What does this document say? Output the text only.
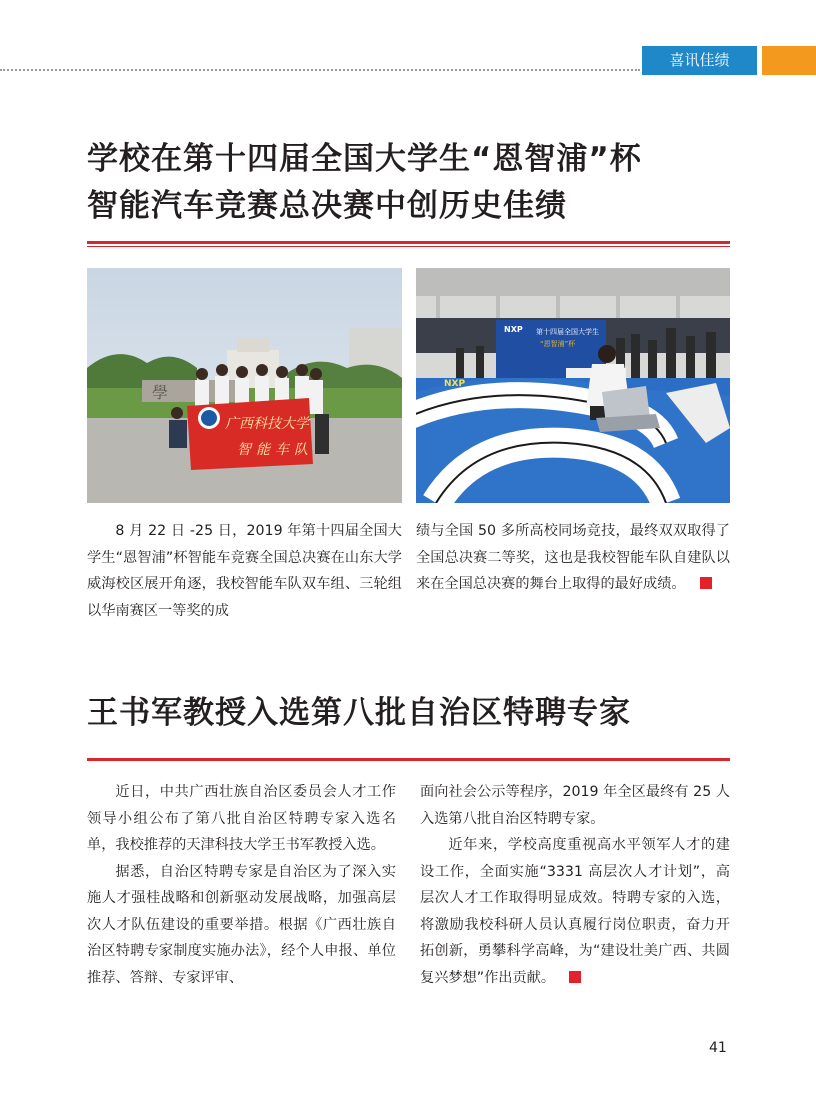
喜讯佳绩
学校在第十四届全国大学生“恩智浦”杯
智能汽车竞赛总决赛中创历史佳绩
學
广西科技大学
智能车队
NXP 第十四届全国大学生
“恩智浦”杯
NXP

8 月 22 日 -25 日，2019 年第十四届全国大学生“恩智浦”杯智能车竞赛全国总决赛在山东大学威海校区展开角逐，我校智能车队双车组、三轮组以华南赛区一等奖的成

绩与全国 50 多所高校同场竞技，最终双双取得了全国总决赛二等奖，这也是我校智能车队自建队以来在全国总决赛的舞台上取得的最好成绩。

王书军教授入选第八批自治区特聘专家

近日，中共广西壮族自治区委员会人才工作领导小组公布了第八批自治区特聘专家入选名单，我校推荐的天津科技大学王书军教授入选。

据悉，自治区特聘专家是自治区为了深入实施人才强桂战略和创新驱动发展战略，加强高层次人才队伍建设的重要举措。根据《广西壮族自治区特聘专家制度实施办法》，经个人申报、单位推荐、答辩、专家评审、

面向社会公示等程序，2019 年全区最终有 25 人入选第八批自治区特聘专家。

近年来，学校高度重视高水平领军人才的建设工作，全面实施“3331 高层次人才计划”，高层次人才工作取得明显成效。特聘专家的入选，将激励我校科研人员认真履行岗位职责，奋力开拓创新，勇攀科学高峰，为“建设壮美广西、共圆复兴梦想”作出贡献。

41
